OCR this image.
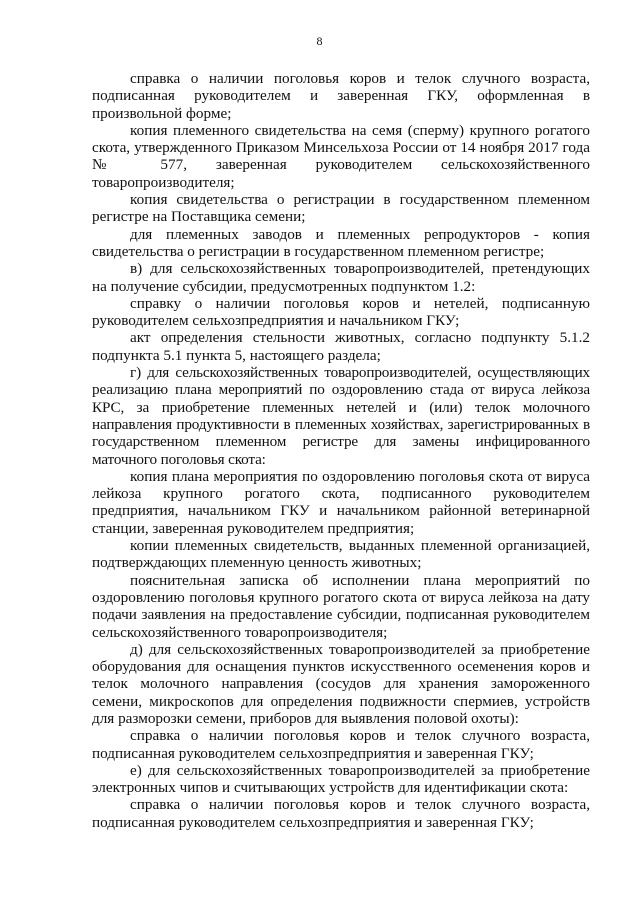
8

справка о наличии поголовья коров и телок случного возраста, подписанная руководителем и заверенная ГКУ, оформленная в произвольной форме;

копия племенного свидетельства на семя (сперму) крупного рогатого скота, утвержденного Приказом Минсельхоза России от 14 ноября 2017 года № 577, заверенная руководителем сельскохозяйственного товаропроизводителя;

копия свидетельства о регистрации в государственном племенном регистре на Поставщика семени;

для племенных заводов и племенных репродукторов - копия свидетельства о регистрации в государственном племенном регистре;

в) для сельскохозяйственных товаропроизводителей, претендующих на получение субсидии, предусмотренных подпунктом 1.2:

справку о наличии поголовья коров и нетелей, подписанную руководителем сельхозпредприятия и начальником ГКУ;

акт определения стельности животных, согласно подпункту 5.1.2 подпункта 5.1 пункта 5, настоящего раздела;

г) для сельскохозяйственных товаропроизводителей, осуществляющих реализацию плана мероприятий по оздоровлению стада от вируса лейкоза КРС, за приобретение племенных нетелей и (или) телок молочного направления продуктивности в племенных хозяйствах, зарегистрированных в государственном племенном регистре для замены инфицированного маточного поголовья скота:

копия плана мероприятия по оздоровлению поголовья скота от вируса лейкоза крупного рогатого скота, подписанного руководителем предприятия, начальником ГКУ и начальником районной ветеринарной станции, заверенная руководителем предприятия;

копии племенных свидетельств, выданных племенной организацией, подтверждающих племенную ценность животных;

пояснительная записка об исполнении плана мероприятий по оздоровлению поголовья крупного рогатого скота от вируса лейкоза на дату подачи заявления на предоставление субсидии, подписанная руководителем сельскохозяйственного товаропроизводителя;

д) для сельскохозяйственных товаропроизводителей за приобретение оборудования для оснащения пунктов искусственного осеменения коров и телок молочного направления (сосудов для хранения замороженного семени, микроскопов для определения подвижности спермиев, устройств для разморозки семени, приборов для выявления половой охоты):

справка о наличии поголовья коров и телок случного возраста, подписанная руководителем сельхозпредприятия и заверенная ГКУ;

е) для сельскохозяйственных товаропроизводителей за приобретение электронных чипов и считывающих устройств для идентификации скота:

справка о наличии поголовья коров и телок случного возраста, подписанная руководителем сельхозпредприятия и заверенная ГКУ;
